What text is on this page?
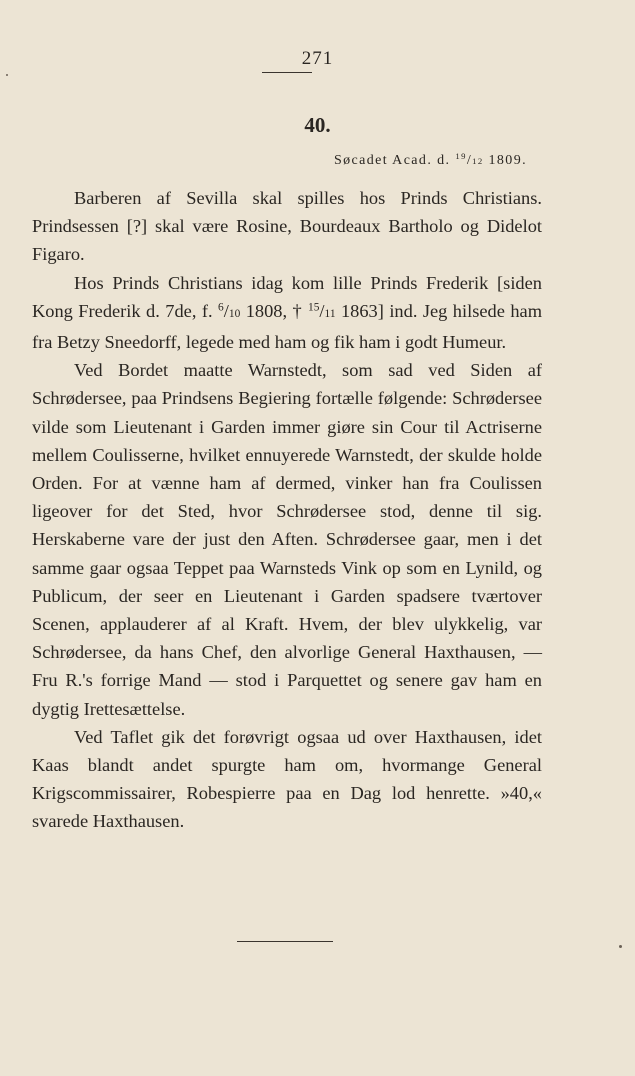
271
40.
Søcadet Acad. d. $^{19}$/12 1809.

Barberen af Sevilla skal spilles hos Prinds Christians. Prindsessen [?] skal være Rosine, Bourdeaux Bartholo og Didelot Figaro.

Hos Prinds Christians idag kom lille Prinds Frederik [siden Kong Frederik d. 7de, f. $^6$/10 1808, † $^{15}$/11 1863] ind. Jeg hilsede ham fra Betzy Sneedorff, legede med ham og fik ham i godt Humeur.

Ved Bordet maatte Warnstedt, som sad ved Siden af Schrødersee, paa Prindsens Begiering fortælle følgende: Schrødersee vilde som Lieutenant i Garden immer giøre sin Cour til Actriserne mellem Coulisserne, hvilket ennuyerede Warnstedt, der skulde holde Orden. For at vænne ham af dermed, vinker han fra Coulissen ligeover for det Sted, hvor Schrødersee stod, denne til sig. Herskaberne vare der just den Aften. Schrødersee gaar, men i det samme gaar ogsaa Teppet paa Warnsteds Vink op som en Lynild, og Publicum, der seer en Lieutenant i Garden spadsere tværtover Scenen, applauderer af al Kraft. Hvem, der blev ulykkelig, var Schrødersee, da hans Chef, den alvorlige General Haxthausen, — Fru R.'s forrige Mand — stod i Parquettet og senere gav ham en dygtig Irettesættelse.

Ved Taflet gik det forøvrigt ogsaa ud over Haxthausen, idet Kaas blandt andet spurgte ham om, hvormange General Krigscommissairer, Robespierre paa en Dag lod henrette. »40,« svarede Haxthausen.
